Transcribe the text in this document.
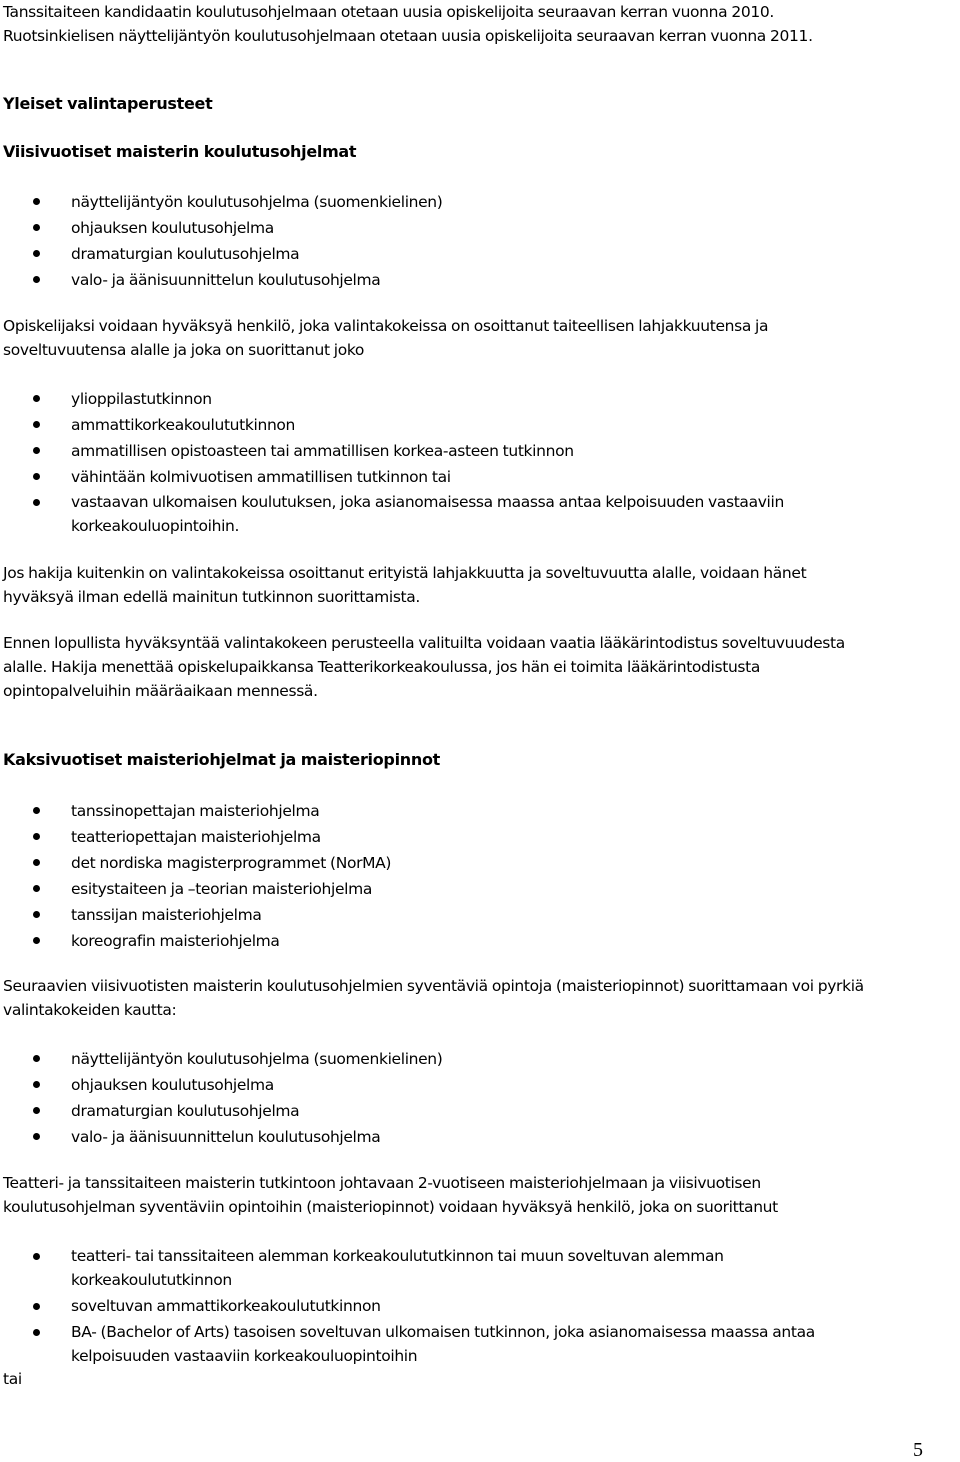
Tanssitaiteen kandidaatin koulutusohjelmaan otetaan uusia opiskelijoita seuraavan kerran vuonna 2010.

Ruotsinkielisen näyttelijäntyön koulutusohjelmaan otetaan uusia opiskelijoita seuraavan kerran vuonna 2011.

Yleiset valintaperusteet
Viisivuotiset maisterin koulutusohjelmat
näyttelijäntyön koulutusohjelma (suomenkielinen)
ohjauksen koulutusohjelma
dramaturgian koulutusohjelma
valo- ja äänisuunnittelun koulutusohjelma

Opiskelijaksi voidaan hyväksyä henkilö, joka valintakokeissa on osoittanut taiteellisen lahjakkuutensa ja

soveltuvuutensa alalle ja joka on suorittanut joko

ylioppilastutkinnon
ammattikorkeakoulututkinnon
ammatillisen opistoasteen tai ammatillisen korkea-asteen tutkinnon
vähintään kolmivuotisen ammatillisen tutkinnon tai
vastaavan ulkomaisen koulutuksen, joka asianomaisessa maassa antaa kelpoisuuden vastaaviin
korkeakouluopintoihin.

Jos hakija kuitenkin on valintakokeissa osoittanut erityistä lahjakkuutta ja soveltuvuutta alalle, voidaan hänet

hyväksyä ilman edellä mainitun tutkinnon suorittamista.

Ennen lopullista hyväksyntää valintakokeen perusteella valituilta voidaan vaatia lääkärintodistus soveltuvuudesta

alalle. Hakija menettää opiskelupaikkansa Teatterikorkeakoulussa, jos hän ei toimita lääkärintodistusta

opintopalveluihin määräaikaan mennessä.

Kaksivuotiset maisteriohjelmat ja maisteriopinnot
tanssinopettajan maisteriohjelma
teatteriopettajan maisteriohjelma
det nordiska magisterprogrammet (NorMA)
esitystaiteen ja –teorian maisteriohjelma
tanssijan maisteriohjelma
koreografin maisteriohjelma

Seuraavien viisivuotisten maisterin koulutusohjelmien syventäviä opintoja (maisteriopinnot) suorittamaan voi pyrkiä

valintakokeiden kautta:

näyttelijäntyön koulutusohjelma (suomenkielinen)
ohjauksen koulutusohjelma
dramaturgian koulutusohjelma
valo- ja äänisuunnittelun koulutusohjelma

Teatteri- ja tanssitaiteen maisterin tutkintoon johtavaan 2-vuotiseen maisteriohjelmaan ja viisivuotisen

koulutusohjelman syventäviin opintoihin (maisteriopinnot) voidaan hyväksyä henkilö, joka on suorittanut

teatteri- tai tanssitaiteen alemman korkeakoulututkinnon tai muun soveltuvan alemman
korkeakoulututkinnon
soveltuvan ammattikorkeakoulututkinnon
BA- (Bachelor of Arts) tasoisen soveltuvan ulkomaisen tutkinnon, joka asianomaisessa maassa antaa
kelpoisuuden vastaaviin korkeakouluopintoihin

tai

5
